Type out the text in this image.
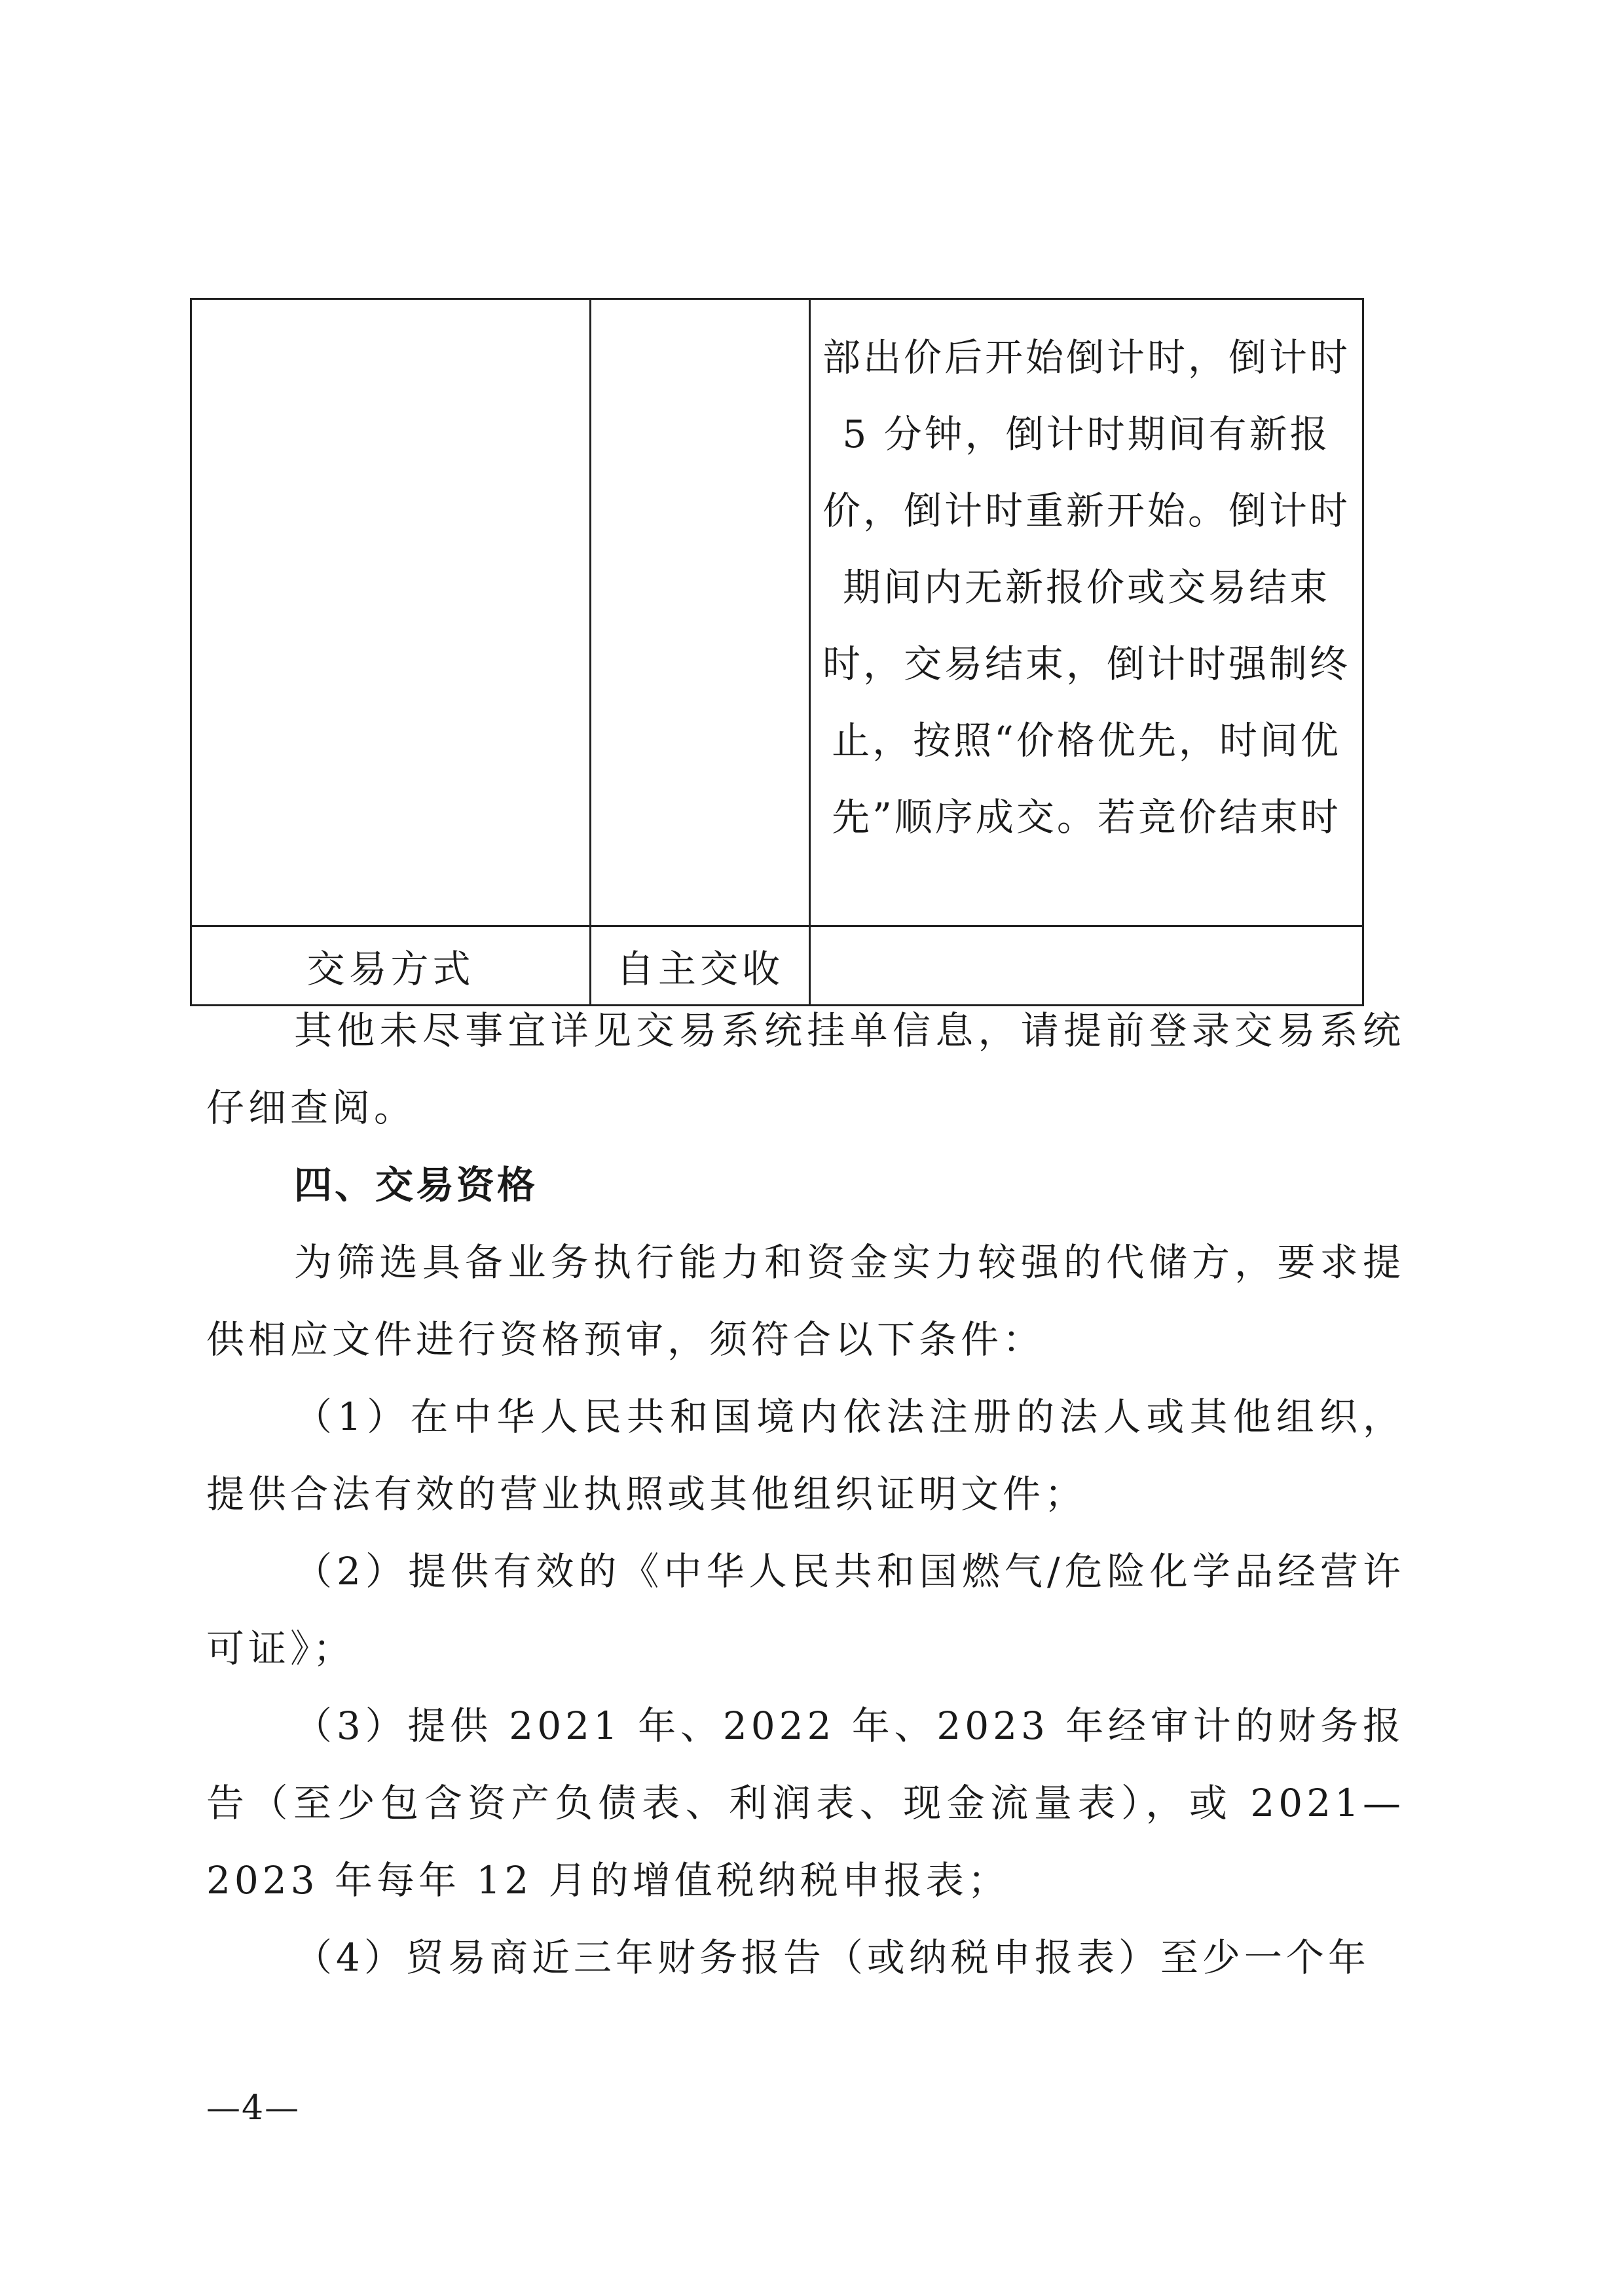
		部出价后开始倒计时，倒计时 5 分钟，倒计时期间有新报价，倒计时重新开始。倒计时期间内无新报价或交易结束时，交易结束，倒计时强制终止，按照“价格优先，时间优先”顺序成交。若竞价结束时
交易方式	自主交收	

其他未尽事宜详见交易系统挂单信息，请提前登录交易系统仔细查阅。

四、交易资格

为筛选具备业务执行能力和资金实力较强的代储方，要求提供相应文件进行资格预审，须符合以下条件：

（1）在中华人民共和国境内依法注册的法人或其他组织，提供合法有效的营业执照或其他组织证明文件；

（2）提供有效的《中华人民共和国燃气/危险化学品经营许可证》；

（3）提供 2021 年、2022 年、2023 年经审计的财务报告（至少包含资产负债表、利润表、现金流量表），或 2021—2023 年每年 12 月的增值税纳税申报表；

（4）贸易商近三年财务报告（或纳税申报表）至少一个年

—4—
